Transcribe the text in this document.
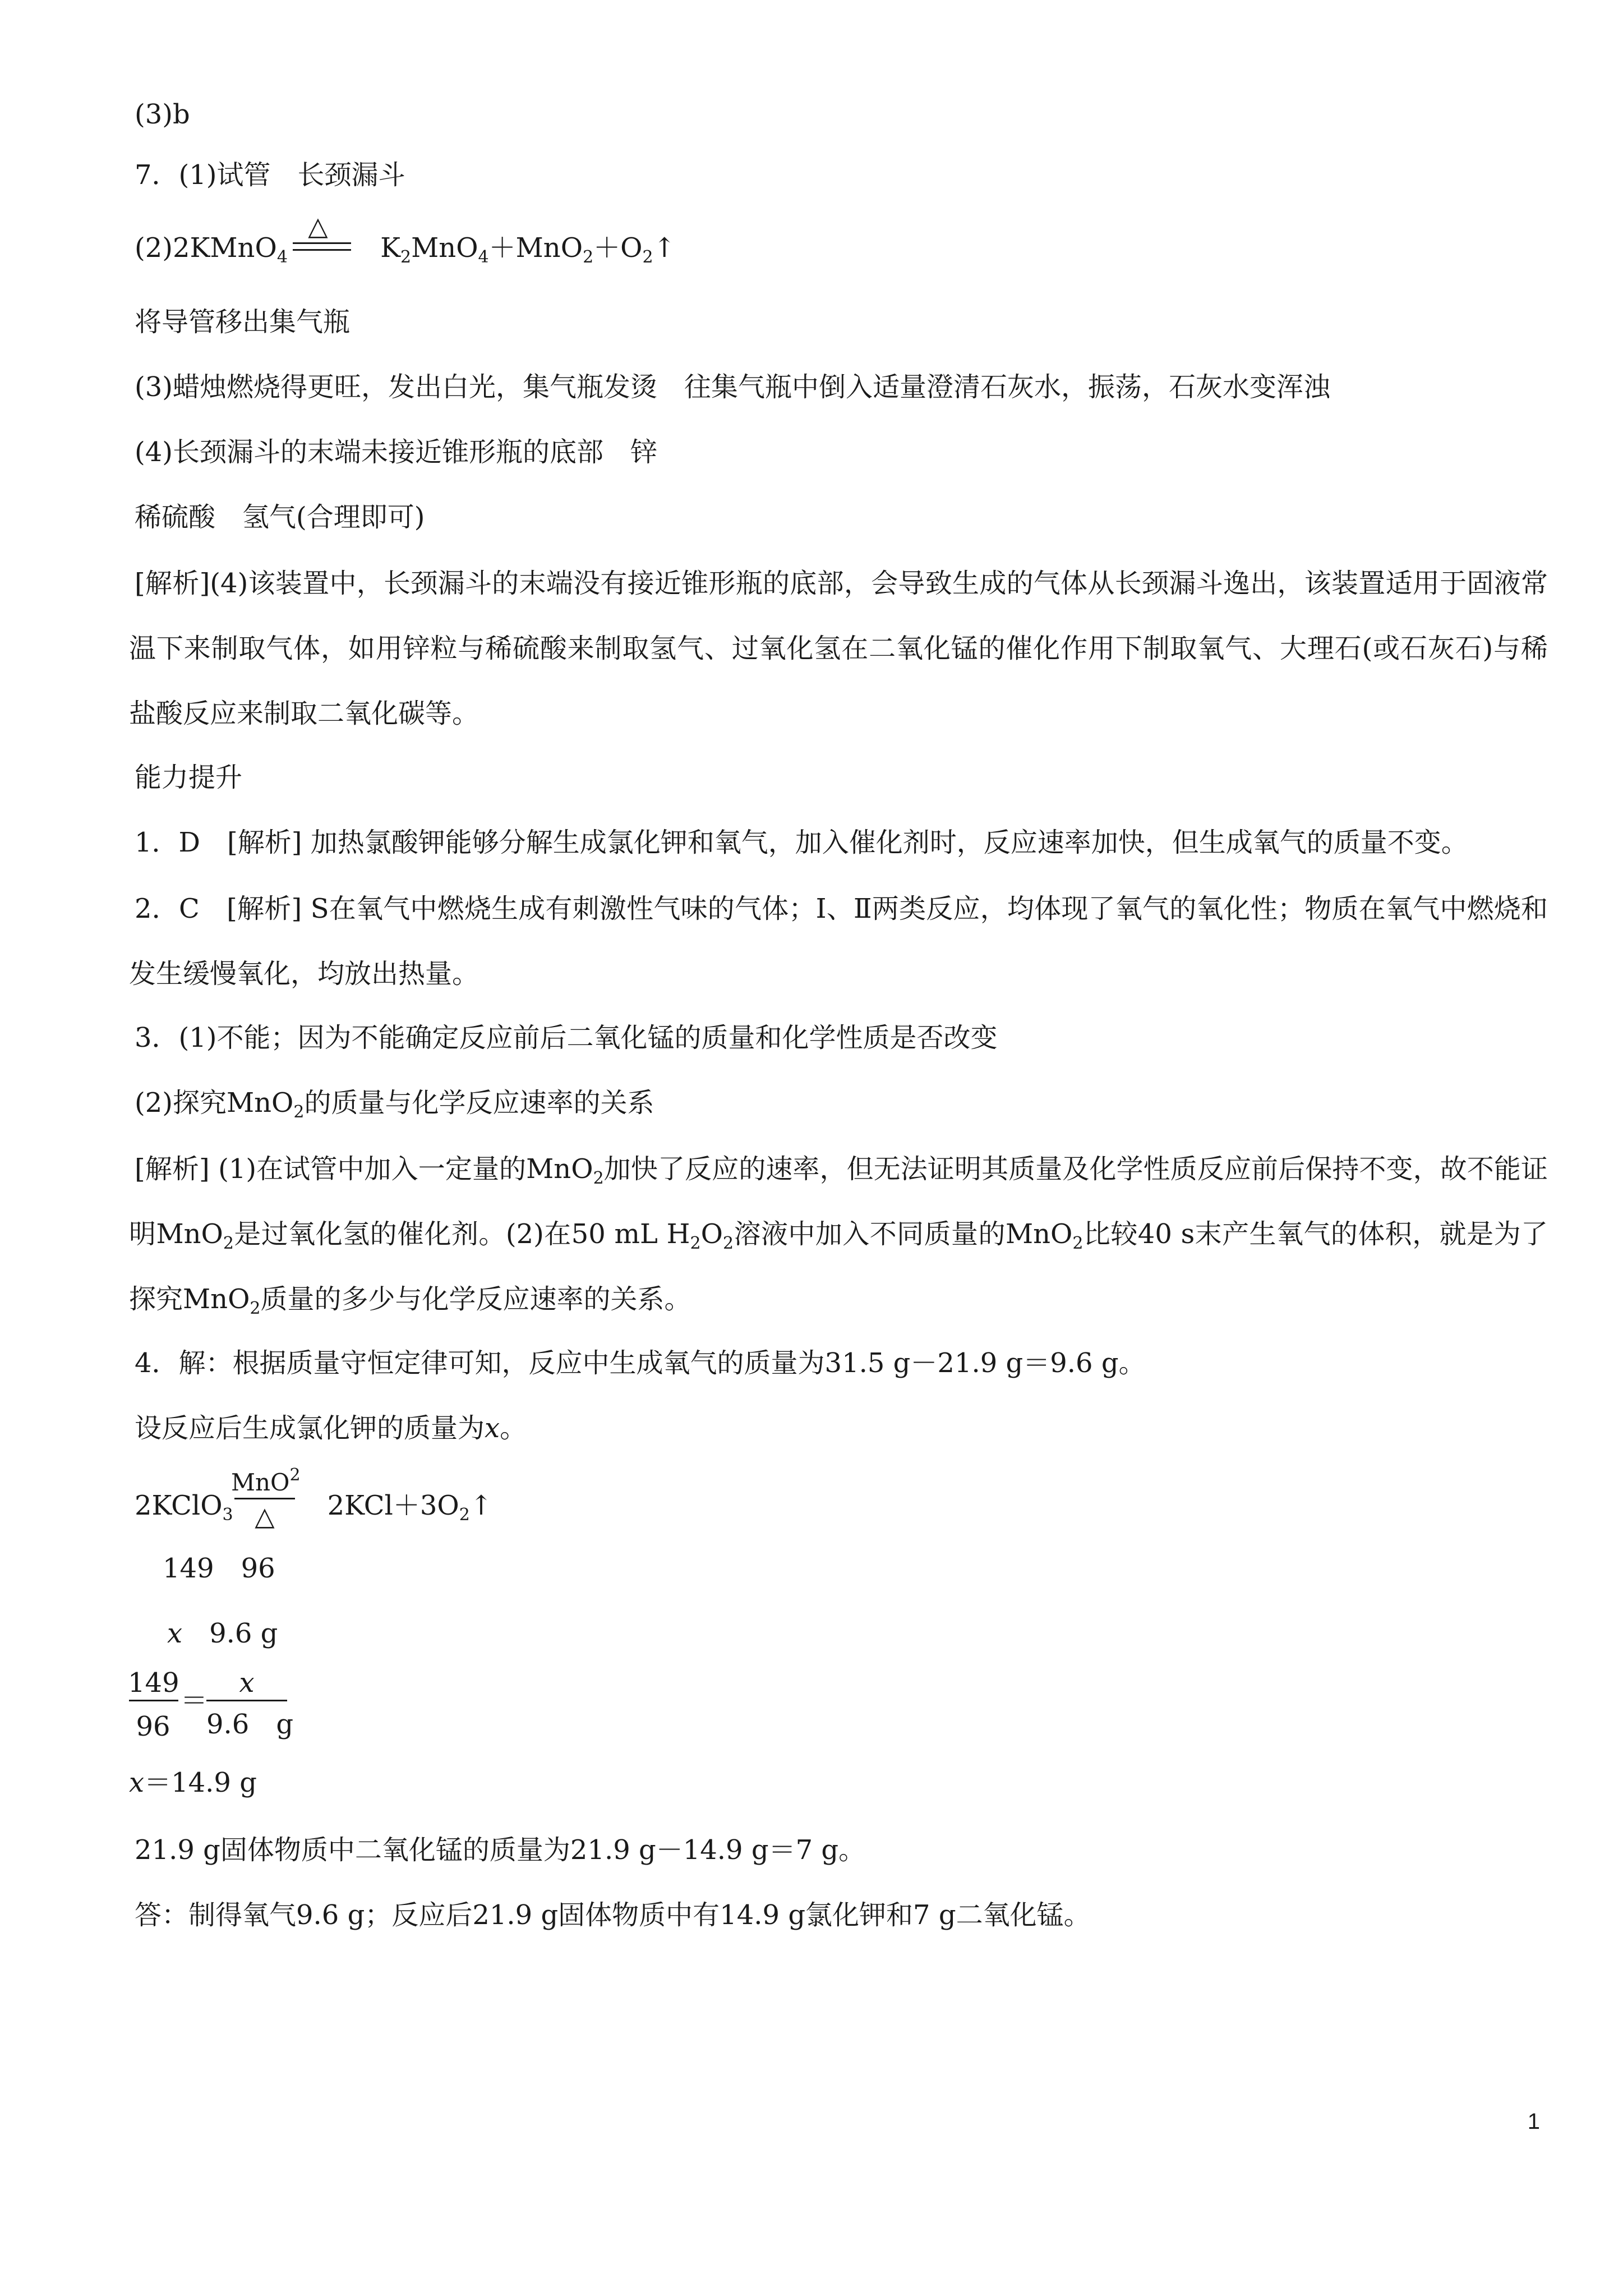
(3)b
7．(1)试管　长颈漏斗
(2)2KMnO$_4$	$K_2MnO_4+MnO_2+O_2↑$
△
将导管移出集气瓶
(3)蜡烛燃烧得更旺，发出白光，集气瓶发烫　往集气瓶中倒入适量澄清石灰水，振荡，石灰水变浑浊
(4)长颈漏斗的末端未接近锥形瓶的底部　锌
稀硫酸　氢气(合理即可)
[解析](4)该装置中，长颈漏斗的末端没有接近锥形瓶的底部，会导致生成的气体从长颈漏斗逸出，该装置适用于固液常温下来制取气体，如用锌粒与稀硫酸来制取氢气、过氧化氢在二氧化锰的催化作用下制取氧气、大理石(或石灰石)与稀盐酸反应来制取二氧化碳等。
能力提升
1．D　[解析] 加热氯酸钾能够分解生成氯化钾和氧气，加入催化剂时，反应速率加快，但生成氧气的质量不变。
2．C　[解析] S在氧气中燃烧生成有刺激性气味的气体；Ⅰ、Ⅱ两类反应，均体现了氧气的氧化性；物质在氧气中燃烧和发生缓慢氧化，均放出热量。
3．(1)不能；因为不能确定反应前后二氧化锰的质量和化学性质是否改变
(2)探究MnO$_2$的质量与化学反应速率的关系
[解析] (1)在试管中加入一定量的MnO$_2$加快了反应的速率，但无法证明其质量及化学性质反应前后保持不变，故不能证明MnO$_2$是过氧化氢的催化剂。(2)在50 mL $H_2O_2$溶液中加入不同质量的MnO$_2$比较40 s末产生氧气的体积，就是为了探究MnO$_2$质量的多少与化学反应速率的关系。
4．解：根据质量守恒定律可知，反应中生成氧气的质量为31.5 g－21.9 g＝9.6 g。
设反应后生成氯化钾的质量为x。
2KClO$_3$	$2KCl+3O_2↑$
MnO$^2$
△
149　96
x　9.6 g
149
96
＝
x
9.6　g
x＝14.9 g
21.9 g固体物质中二氧化锰的质量为21.9 g－14.9 g＝7 g。
答：制得氧气9.6 g；反应后21.9 g固体物质中有14.9 g氯化钾和7 g二氧化锰。
1
